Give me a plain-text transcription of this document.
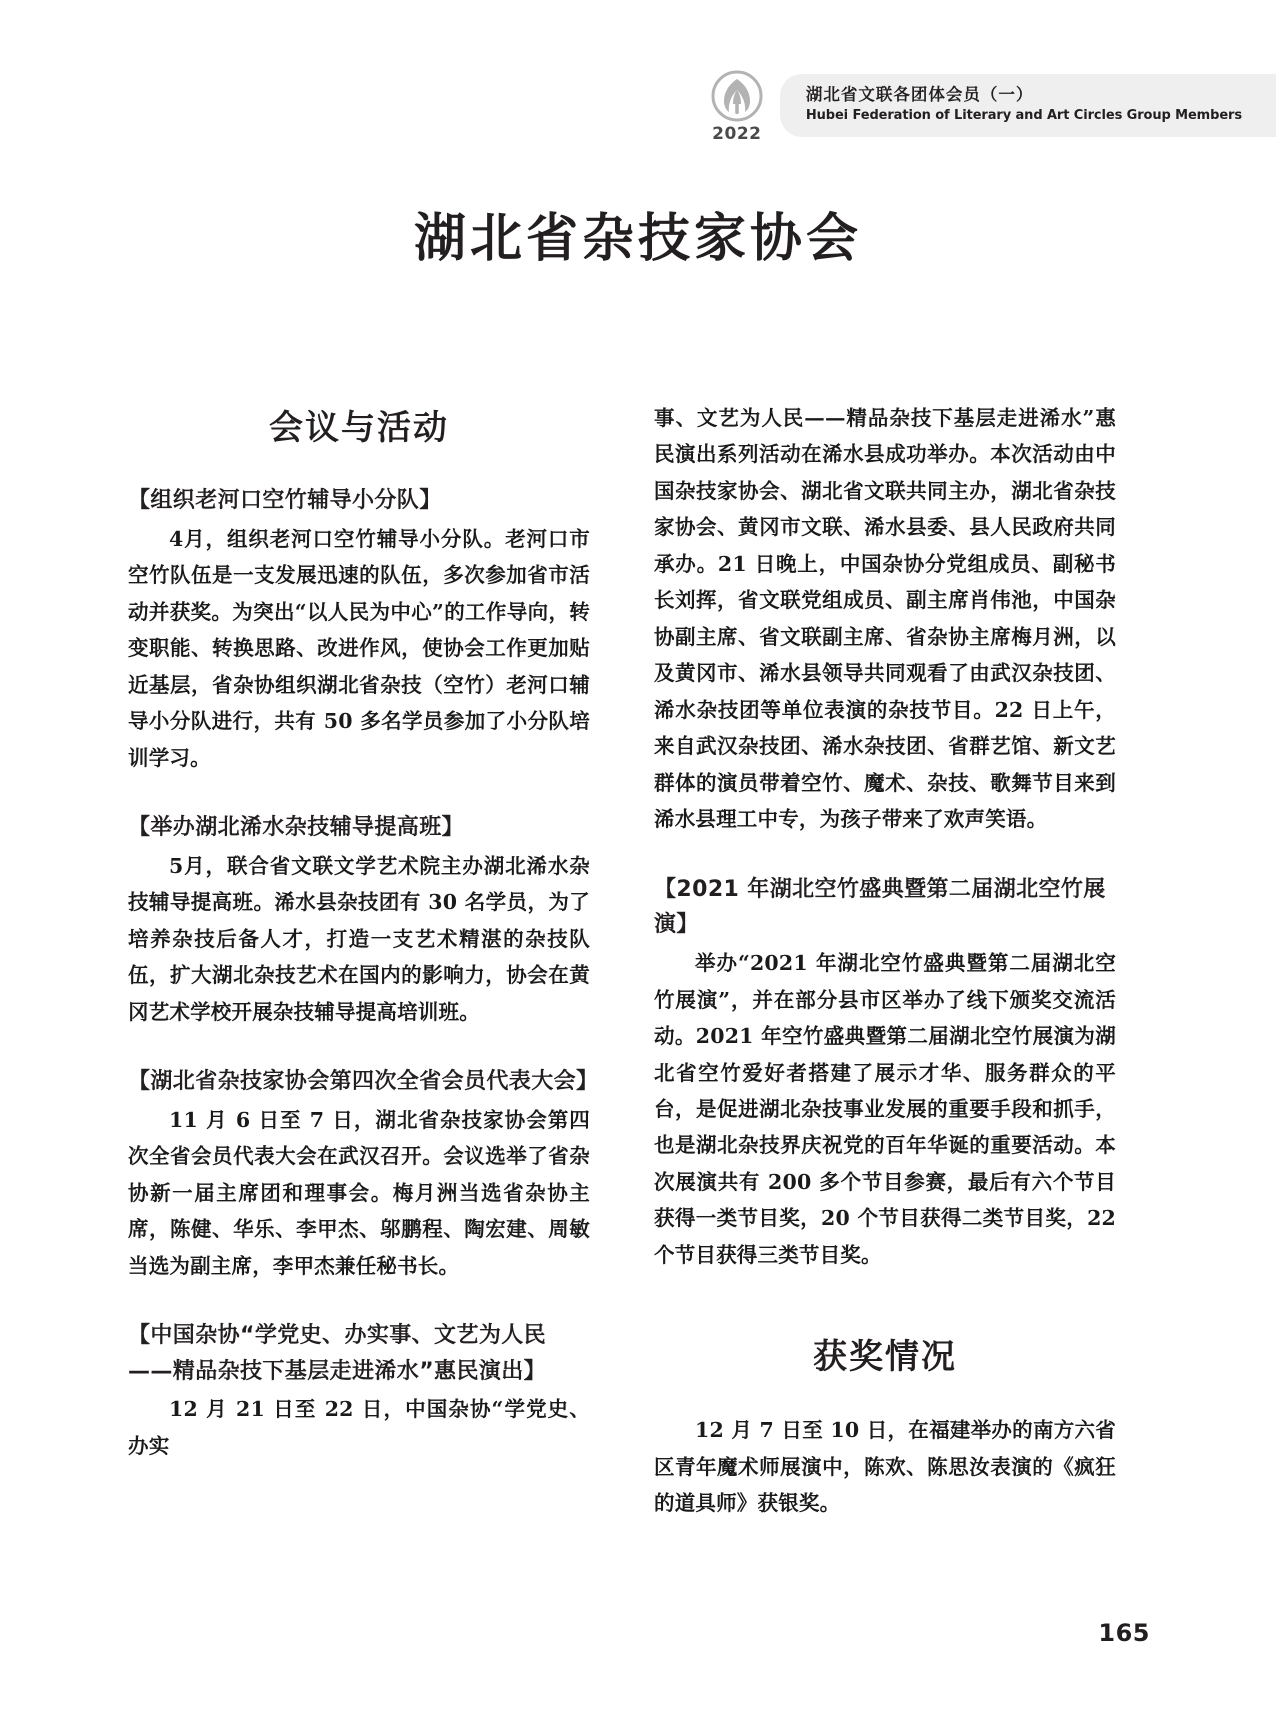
2022
湖北省文联各团体会员（一）
Hubei Federation of Literary and Art Circles Group Members
湖北省杂技家协会
会议与活动
【组织老河口空竹辅导小分队】

4月，组织老河口空竹辅导小分队。老河口市空竹队伍是一支发展迅速的队伍，多次参加省市活动并获奖。为突出“以人民为中心”的工作导向，转变职能、转换思路、改进作风，使协会工作更加贴近基层，省杂协组织湖北省杂技（空竹）老河口辅导小分队进行，共有 50 多名学员参加了小分队培训学习。

【举办湖北浠水杂技辅导提高班】

5月，联合省文联文学艺术院主办湖北浠水杂技辅导提高班。浠水县杂技团有 30 名学员，为了培养杂技后备人才，打造一支艺术精湛的杂技队伍，扩大湖北杂技艺术在国内的影响力，协会在黄冈艺术学校开展杂技辅导提高培训班。

【湖北省杂技家协会第四次全省会员代表大会】

11 月 6 日至 7 日，湖北省杂技家协会第四次全省会员代表大会在武汉召开。会议选举了省杂协新一届主席团和理事会。梅月洲当选省杂协主席，陈健、华乐、李甲杰、邬鹏程、陶宏建、周敏当选为副主席，李甲杰兼任秘书长。

【中国杂协“学党史、办实事、文艺为人民——精品杂技下基层走进浠水”惠民演出】

12 月 21 日至 22 日，中国杂协“学党史、办实

事、文艺为人民——精品杂技下基层走进浠水”惠民演出系列活动在浠水县成功举办。本次活动由中国杂技家协会、湖北省文联共同主办，湖北省杂技家协会、黄冈市文联、浠水县委、县人民政府共同承办。21 日晚上，中国杂协分党组成员、副秘书长刘挥，省文联党组成员、副主席肖伟池，中国杂协副主席、省文联副主席、省杂协主席梅月洲，以及黄冈市、浠水县领导共同观看了由武汉杂技团、浠水杂技团等单位表演的杂技节目。22 日上午，来自武汉杂技团、浠水杂技团、省群艺馆、新文艺群体的演员带着空竹、魔术、杂技、歌舞节目来到浠水县理工中专，为孩子带来了欢声笑语。

【2021 年湖北空竹盛典暨第二届湖北空竹展演】

举办“2021 年湖北空竹盛典暨第二届湖北空竹展演”，并在部分县市区举办了线下颁奖交流活动。2021 年空竹盛典暨第二届湖北空竹展演为湖北省空竹爱好者搭建了展示才华、服务群众的平台，是促进湖北杂技事业发展的重要手段和抓手，也是湖北杂技界庆祝党的百年华诞的重要活动。本次展演共有 200 多个节目参赛，最后有六个节目获得一类节目奖，20 个节目获得二类节目奖，22 个节目获得三类节目奖。

获奖情况

12 月 7 日至 10 日，在福建举办的南方六省区青年魔术师展演中，陈欢、陈思汝表演的《疯狂的道具师》获银奖。

165
